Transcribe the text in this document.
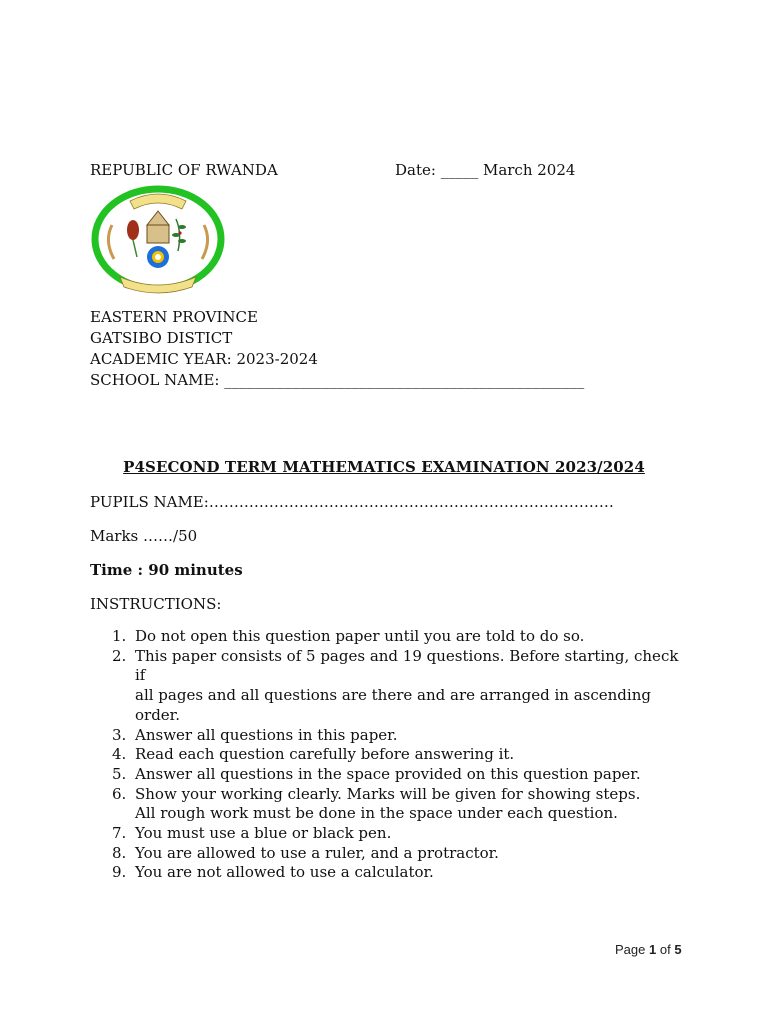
REPUBLIC OF RWANDA	Date: _____ March 2024
EASTERN PROVINCE
GATSIBO DISTICT
ACADEMIC YEAR: 2023-2024
SCHOOL NAME: ________________________________________________
P4SECOND TERM MATHEMATICS EXAMINATION 2023/2024
PUPILS NAME:………………………………………………………………………
Marks ……/50
Time : 90 minutes
INSTRUCTIONS:
1. Do not open this question paper until you are told to do so.
2. This paper consists of 5 pages and 19 questions. Before starting, check if
all pages and all questions are there and are arranged in ascending
order.
3. Answer all questions in this paper.
4. Read each question carefully before answering it.
5. Answer all questions in the space provided on this question paper.
6. Show your working clearly. Marks will be given for showing steps.
All rough work must be done in the space under each question.
7. You must use a blue or black pen.
8. You are allowed to use a ruler, and a protractor.
9. You are not allowed to use a calculator.
Page 1 of 5
